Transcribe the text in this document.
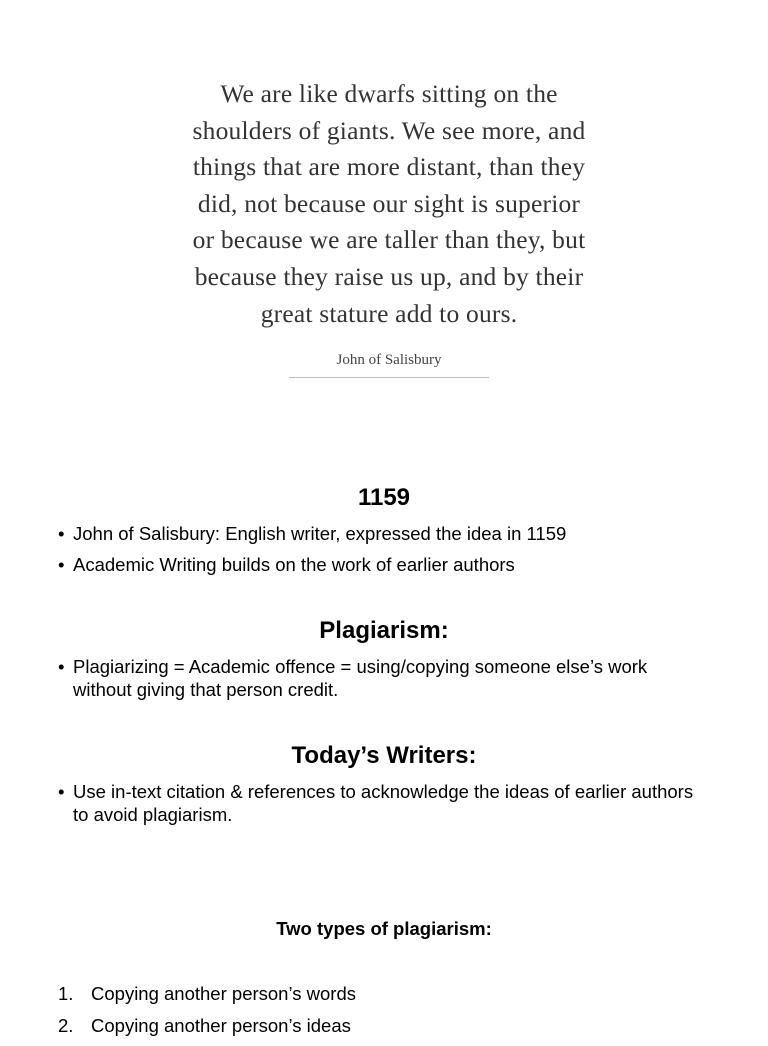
We are like dwarfs sitting on the
shoulders of giants. We see more, and
things that are more distant, than they
did, not because our sight is superior
or because we are taller than they, but
because they raise us up, and by their
great stature add to ours.

John of Salisbury
1159
• John of Salisbury: English writer, expressed the idea in 1159
• Academic Writing builds on the work of earlier authors
Plagiarism:
• Plagiarizing = Academic offence = using/copying someone else’s work without giving that person credit.
Today’s Writers:
• Use in-text citation & references to acknowledge the ideas of earlier authors to avoid plagiarism.
Two types of plagiarism:
1. Copying another person’s words
2. Copying another person’s ideas
